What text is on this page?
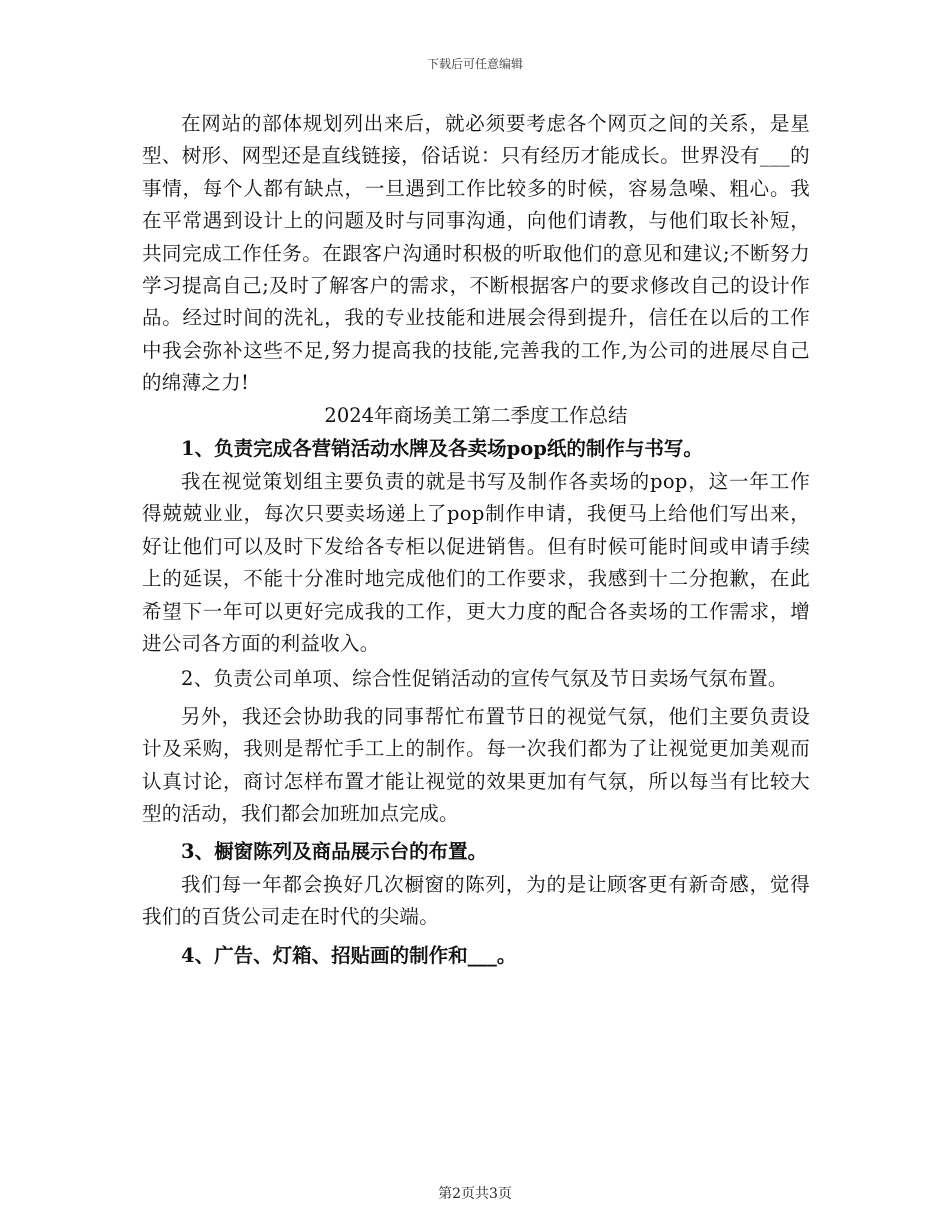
下载后可任意编辑

在网站的部体规划列出来后，就必须要考虑各个网页之间的关系，是星型、树形、网型还是直线链接，俗话说：只有经历才能成长。世界没有___的事情，每个人都有缺点，一旦遇到工作比较多的时候，容易急噪、粗心。我在平常遇到设计上的问题及时与同事沟通，向他们请教，与他们取长补短，共同完成工作任务。在跟客户沟通时积极的听取他们的意见和建议;不断努力学习提高自己;及时了解客户的需求，不断根据客户的要求修改自己的设计作品。经过时间的洗礼，我的专业技能和进展会得到提升，信任在以后的工作中我会弥补这些不足,努力提高我的技能,完善我的工作,为公司的进展尽自己的绵薄之力!

2024年商场美工第二季度工作总结

1、负责完成各营销活动水牌及各卖场pop纸的制作与书写。

我在视觉策划组主要负责的就是书写及制作各卖场的pop，这一年工作得兢兢业业，每次只要卖场递上了pop制作申请，我便马上给他们写出来，好让他们可以及时下发给各专柜以促进销售。但有时候可能时间或申请手续上的延误，不能十分准时地完成他们的工作要求，我感到十二分抱歉，在此希望下一年可以更好完成我的工作，更大力度的配合各卖场的工作需求，增进公司各方面的利益收入。

2、负责公司单项、综合性促销活动的宣传气氛及节日卖场气氛布置。

另外，我还会协助我的同事帮忙布置节日的视觉气氛，他们主要负责设计及采购，我则是帮忙手工上的制作。每一次我们都为了让视觉更加美观而认真讨论，商讨怎样布置才能让视觉的效果更加有气氛，所以每当有比较大型的活动，我们都会加班加点完成。

3、橱窗陈列及商品展示台的布置。

我们每一年都会换好几次橱窗的陈列，为的是让顾客更有新奇感，觉得我们的百货公司走在时代的尖端。

4、广告、灯箱、招贴画的制作和___。

第2页共3页
